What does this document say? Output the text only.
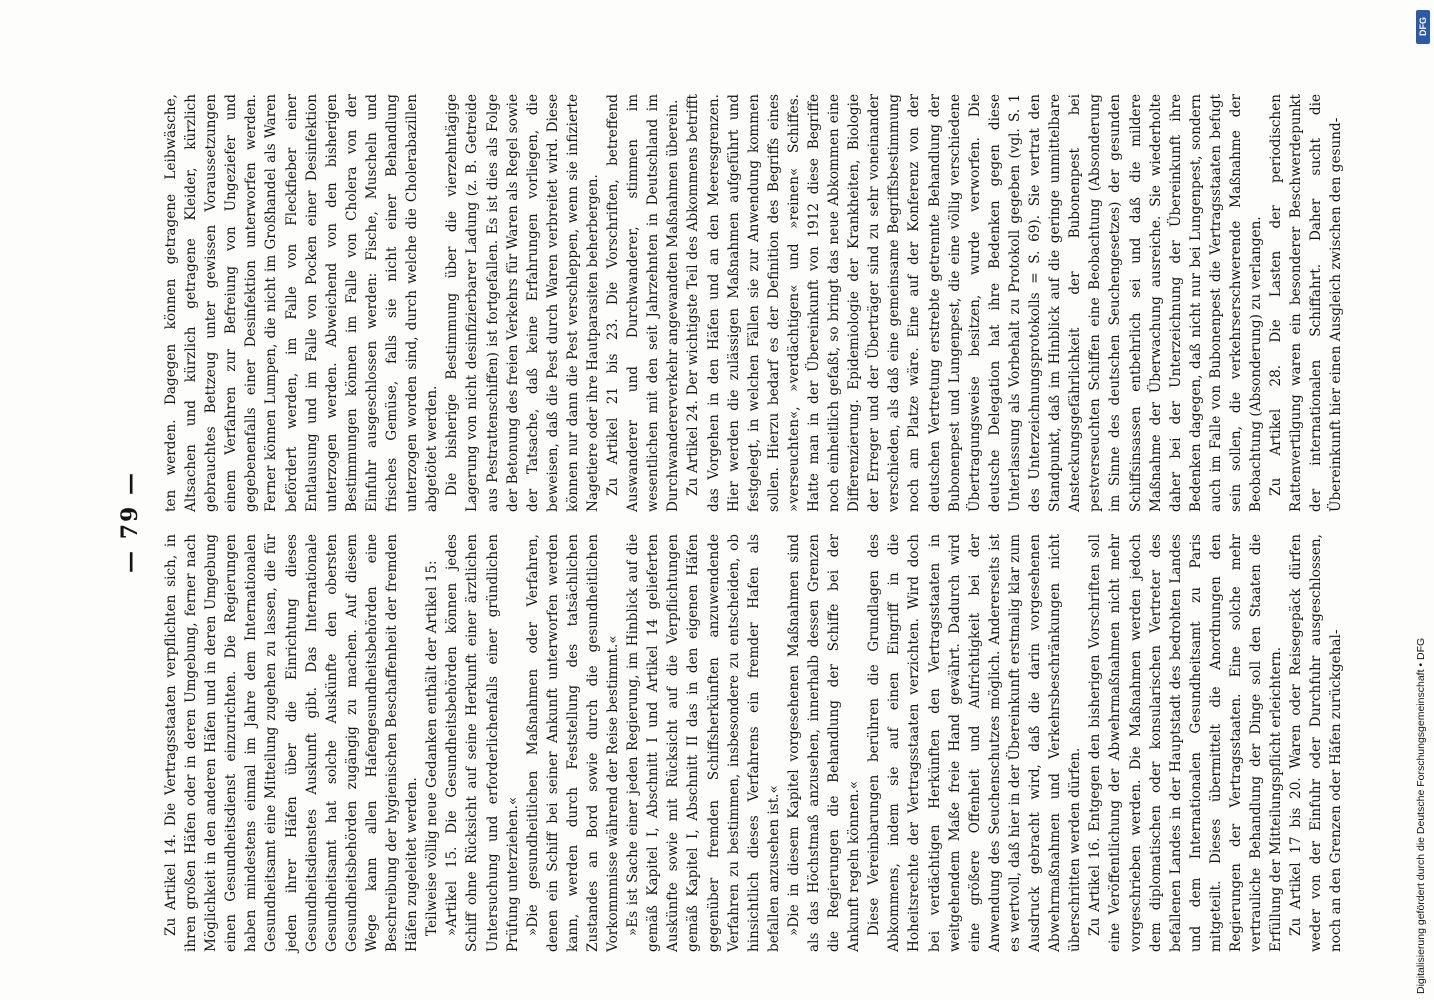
— 79 —

Zu Artikel 14. Die Vertragsstaaten verpflichten sich, in ihren großen Häfen oder in deren Umgebung, ferner nach Möglichkeit in den anderen Häfen und in deren Umgebung einen Gesundheitsdienst einzurichten. Die Regierungen haben mindestens einmal im Jahre dem Internationalen Gesundheitsamt eine Mitteilung zugehen zu lassen, die für jeden ihrer Häfen über die Einrichtung dieses Gesundheitsdienstes Auskunft gibt. Das Internationale Gesundheitsamt hat solche Auskünfte den obersten Gesundheitsbehörden zugängig zu machen. Auf diesem Wege kann allen Hafengesundheitsbehörden eine Beschreibung der hygienischen Beschaffenheit der fremden Häfen zugeleitet werden. Teilweise völlig neue Gedanken enthält der Artikel 15: »Artikel 15. Die Gesundheitsbehörden können jedes Schiff ohne Rücksicht auf seine Herkunft einer ärztlichen Untersuchung und erforderlichenfalls einer gründlichen Prüfung unterziehen.« »Die gesundheitlichen Maßnahmen oder Verfahren, denen ein Schiff bei seiner Ankunft unterworfen werden kann, werden durch Feststellung des tatsächlichen Zustandes an Bord sowie durch die gesundheitlichen Vorkommnisse während der Reise bestimmt.« »Es ist Sache einer jeden Regierung, im Hinblick auf die gemäß Kapitel I, Abschnitt I und Artikel 14 gelieferten Auskünfte sowie mit Rücksicht auf die Verpflichtungen gemäß Kapitel I, Abschnitt II das in den eigenen Häfen gegenüber fremden Schiffsherkünften anzuwendende Verfahren zu bestimmen, insbesondere zu entscheiden, ob hinsichtlich dieses Verfahrens ein fremder Hafen als befallen anzusehen ist.« »Die in diesem Kapitel vorgesehenen Maßnahmen sind als das Höchstmaß anzusehen, innerhalb dessen Grenzen die Regierungen die Behandlung der Schiffe bei der Ankunft regeln können.« Diese Vereinbarungen berühren die Grundlagen des Abkommens, indem sie auf einen Eingriff in die Hoheitsrechte der Vertragsstaaten verzichten. Wird doch bei verdächtigen Herkünften den Vertragsstaaten in weitgehendem Maße freie Hand gewährt. Dadurch wird eine größere Offenheit und Aufrichtigkeit bei der Anwendung des Seuchenschutzes möglich. Andererseits ist es wertvoll, daß hier in der Übereinkunft erstmalig klar zum Ausdruck gebracht wird, daß die darin vorgesehenen Abwehrmaßnahmen und Verkehrsbeschränkungen nicht überschritten werden dürfen. Zu Artikel 16. Entgegen den bisherigen Vorschriften soll eine Veröffentlichung der Abwehrmaßnahmen nicht mehr vorgeschrieben werden. Die Maßnahmen werden jedoch dem diplomatischen oder konsularischen Vertreter des befallenen Landes in der Hauptstadt des bedrohten Landes und dem Internationalen Gesundheitsamt zu Paris mitgeteilt. Dieses übermittelt die Anordnungen den Regierungen der Vertragsstaaten. Eine solche mehr vertrauliche Behandlung der Dinge soll den Staaten die Erfüllung der Mitteilungspflicht erleichtern. Zu Artikel 17 bis 20. Waren oder Reisegepäck dürfen weder von der Einfuhr oder Durchfuhr ausgeschlossen, noch an den Grenzen oder Häfen zurückgehal-

ten werden. Dagegen können getragene Leibwäsche, Altsachen und kürzlich getragene Kleider, kürzlich gebrauchtes Bettzeug unter gewissen Voraussetzungen einem Verfahren zur Befreiung von Ungeziefer und gegebenenfalls einer Desinfektion unterworfen werden. Ferner können Lumpen, die nicht im Großhandel als Waren befördert werden, im Falle von Fleckfieber einer Entlausung und im Falle von Pocken einer Desinfektion unterzogen werden. Abweichend von den bisherigen Bestimmungen können im Falle von Cholera von der Einfuhr ausgeschlossen werden: Fische, Muscheln und frisches Gemüse, falls sie nicht einer Behandlung unterzogen worden sind, durch welche die Cholerabazillen abgetötet werden. Die bisherige Bestimmung über die vierzehntägige Lagerung von nicht desinfizierbarer Ladung (z. B. Getreide aus Pestrattenschiffen) ist fortgefallen. Es ist dies als Folge der Betonung des freien Verkehrs für Waren als Regel sowie der Tatsache, daß keine Erfahrungen vorliegen, die beweisen, daß die Pest durch Waren verbreitet wird. Diese können nur dann die Pest verschleppen, wenn sie infizierte Nagetiere oder ihre Hautparasiten beherbergen. Zu Artikel 21 bis 23. Die Vorschriften, betreffend Auswanderer und Durchwanderer, stimmen im wesentlichen mit den seit Jahrzehnten in Deutschland im Durchwandererverkehr angewandten Maßnahmen überein. Zu Artikel 24. Der wichtigste Teil des Abkommens betrifft das Vorgehen in den Häfen und an den Meeresgrenzen. Hier werden die zulässigen Maßnahmen aufgeführt und festgelegt, in welchen Fällen sie zur Anwendung kommen sollen. Hierzu bedarf es der Definition des Begriffs eines »verseuchten«, »verdächtigen« und »reinen« Schiffes. Hatte man in der Übereinkunft von 1912 diese Begriffe noch einheitlich gefaßt, so bringt das neue Abkommen eine Differenzierung. Epidemiologie der Krankheiten, Biologie der Erreger und der Überträger sind zu sehr voneinander verschieden, als daß eine gemeinsame Begriffsbestimmung noch am Platze wäre. Eine auf der Konferenz von der deutschen Vertretung erstrebte getrennte Behandlung der Bubonenpest und Lungenpest, die eine völlig verschiedene Übertragungsweise besitzen, wurde verworfen. Die deutsche Delegation hat ihre Bedenken gegen diese Unterlassung als Vorbehalt zu Protokoll gegeben (vgl. S. 1 des Unterzeichnungsprotokolls = S. 69). Sie vertrat den Standpunkt, daß im Hinblick auf die geringe unmittelbare Ansteckungsgefährlichkeit der Bubonenpest bei pestverseuchten Schiffen eine Beobachtung (Absonderung im Sinne des deutschen Seuchengesetzes) der gesunden Schiffsinsassen entbehrlich sei und daß die mildere Maßnahme der Überwachung ausreiche. Sie wiederholte daher bei der Unterzeichnung der Übereinkunft ihre Bedenken dagegen, daß nicht nur bei Lungenpest, sondern auch im Falle von Bubonenpest die Vertragsstaaten befugt sein sollen, die verkehrserschwerende Maßnahme der Beobachtung (Absonderung) zu verlangen. Zu Artikel 28. Die Lasten der periodischen Rattenvertilgung waren ein besonderer Beschwerdepunkt der internationalen Schiffahrt. Daher sucht die Übereinkunft hier einen Ausgleich zwischen den gesund-

DFG
Digitalisierung gefördert durch die Deutsche Forschungsgemeinschaft • DFG
